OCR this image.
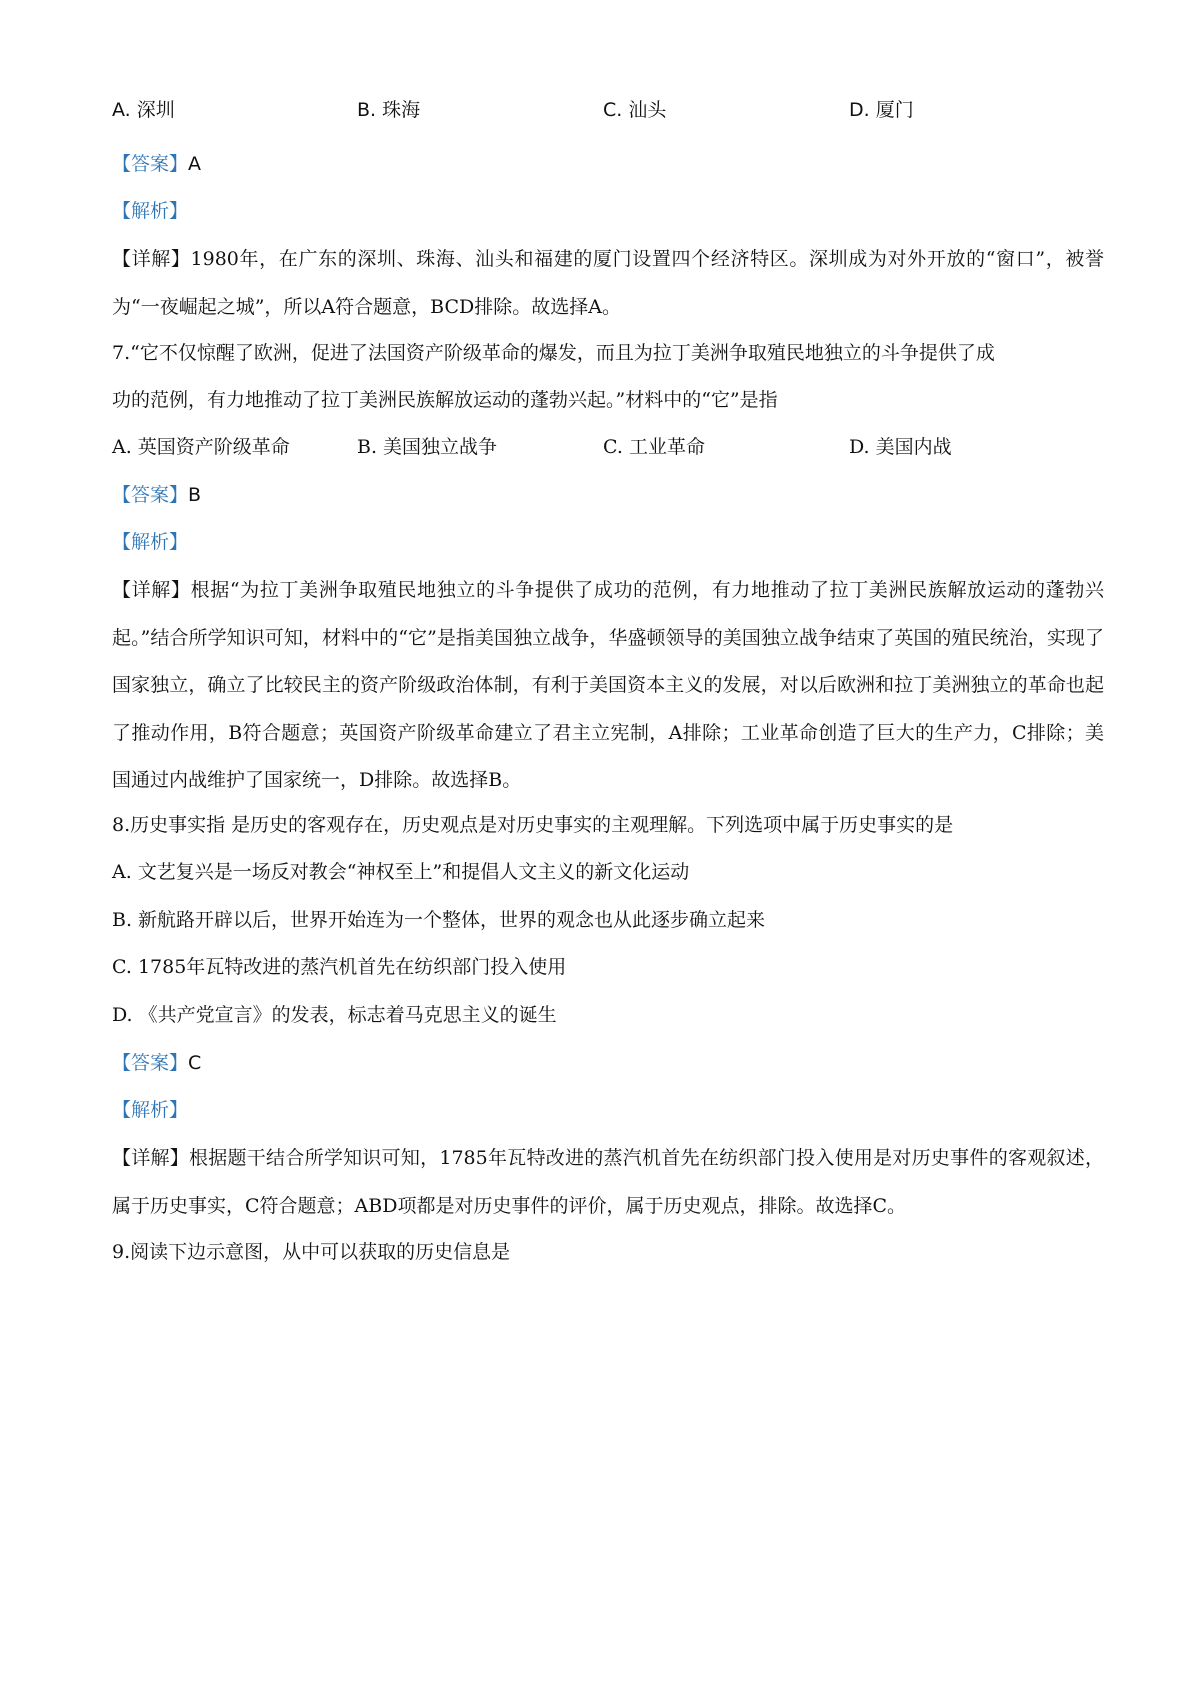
A. 深圳	B. 珠海	C. 汕头	D. 厦门
【答案】A
【解析】
【详解】1980年，在广东的深圳、珠海、汕头和福建的厦门设置四个经济特区。深圳成为对外开放的“窗口”，被誉为“一夜崛起之城”，所以A符合题意，BCD排除。故选择A。
7.“它不仅惊醒了欧洲，促进了法国资产阶级革命的爆发，而且为拉丁美洲争取殖民地独立的斗争提供了成
功的范例，有力地推动了拉丁美洲民族解放运动的蓬勃兴起。”材料中的“它”是指
A. 英国资产阶级革命	B. 美国独立战争	C. 工业革命	D. 美国内战
【答案】B
【解析】
【详解】根据“为拉丁美洲争取殖民地独立的斗争提供了成功的范例，有力地推动了拉丁美洲民族解放运动的蓬勃兴起。”结合所学知识可知，材料中的“它”是指美国独立战争，华盛顿领导的美国独立战争结束了英国的殖民统治，实现了国家独立，确立了比较民主的资产阶级政治体制，有利于美国资本主义的发展，对以后欧洲和拉丁美洲独立的革命也起了推动作用，B符合题意；英国资产阶级革命建立了君主立宪制，A排除；工业革命创造了巨大的生产力，C排除；美国通过内战维护了国家统一，D排除。故选择B。
8.历史事实指 是历史的客观存在，历史观点是对历史事实的主观理解。下列选项中属于历史事实的是
A. 文艺复兴是一场反对教会“神权至上”和提倡人文主义的新文化运动
B. 新航路开辟以后，世界开始连为一个整体，世界的观念也从此逐步确立起来
C. 1785年瓦特改进的蒸汽机首先在纺织部门投入使用
D. 《共产党宣言》的发表，标志着马克思主义的诞生
【答案】C
【解析】
【详解】根据题干结合所学知识可知，1785年瓦特改进的蒸汽机首先在纺织部门投入使用是对历史事件的客观叙述，属于历史事实，C符合题意；ABD项都是对历史事件的评价，属于历史观点，排除。故选择C。
9.阅读下边示意图，从中可以获取的历史信息是
